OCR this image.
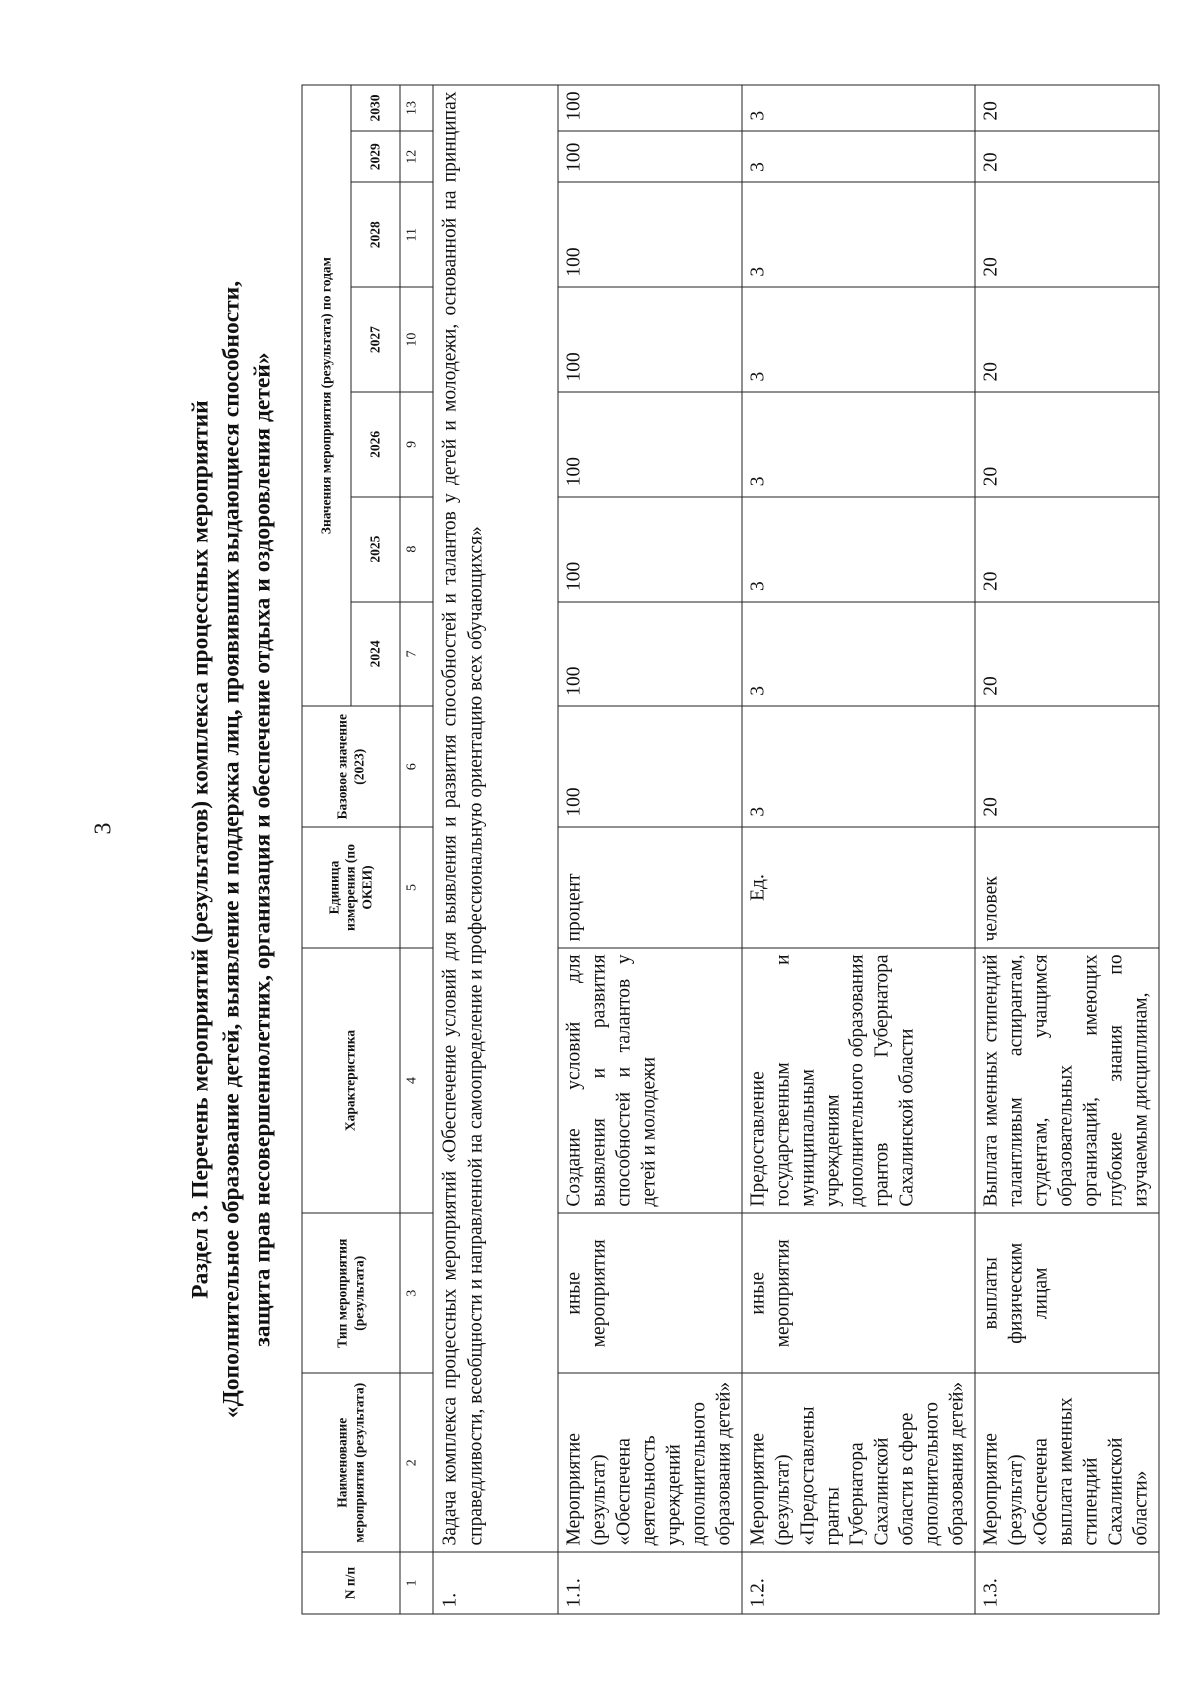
3	Раздел 3. Перечень мероприятий (результатов) комплекса процессных мероприятий «Дополнительное образование детей, выявление и поддержка лиц, проявивших выдающиеся способности, защита прав несовершеннолетних, организация и обеспечение отдыха и оздоровления детей»
N п/п	Наименование мероприятия (результата)	Тип мероприятия (результата)	Характеристика	Единица измерения (по ОКЕИ)	Базовое значение (2023)	Значения мероприятия (результата) по годам						
						2024	2025	2026	2027	2028	2029	2030
1	2	3	4	5	6	7	8	9	10	11	12	13
1.	Задача комплекса процессных мероприятий «Обеспечение условий для выявления и развития способностей и талантов у детей и молодежи, основанной на принципах справедливости, всеобщности и направленной на самоопределение и профессиональную ориентацию всех обучающихся»											
1.1.	Мероприятие (результат) «Обеспечена деятельность учреждений дополнительного образования детей»	иные мероприятия	Создание условий для выявления и развития способностей и талантов у детей и молодежи	процент	100	100	100	100	100	100	100	100
1.2.	Мероприятие (результат) «Предоставлены гранты Губернатора Сахалинской области в сфере дополнительного образования детей»	иные мероприятия	Предоставление государственным и муниципальным учреждениям дополнительного образования грантов Губернатора Сахалинской области	Ед.	3	3	3	3	3	3	3	3
1.3.	Мероприятие (результат) «Обеспечена выплата именных стипендий Сахалинской области»	выплаты физическим лицам	Выплата именных стипендий талантливым аспирантам, студентам, учащимся образовательных организаций, имеющих глубокие знания по изучаемым дисциплинам,	человек	20	20	20	20	20	20	20	20
